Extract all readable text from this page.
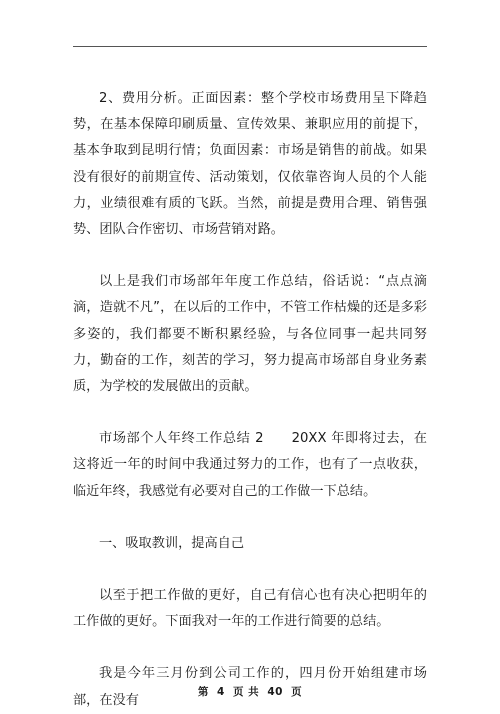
2、费用分析。正面因素：整个学校市场费用呈下降趋势，在基本保障印刷质量、宣传效果、兼职应用的前提下，基本争取到昆明行情；负面因素：市场是销售的前战。如果没有很好的前期宣传、活动策划，仅依靠咨询人员的个人能力，业绩很难有质的飞跃。当然，前提是费用合理、销售强势、团队合作密切、市场营销对路。

以上是我们市场部年年度工作总结，俗话说：“点点滴滴，造就不凡”，在以后的工作中，不管工作枯燥的还是多彩多姿的，我们都要不断积累经验，与各位同事一起共同努力，勤奋的工作，刻苦的学习，努力提高市场部自身业务素质，为学校的发展做出的贡献。

市场部个人年终工作总结 2　　20XX 年即将过去，在这将近一年的时间中我通过努力的工作，也有了一点收获，临近年终，我感觉有必要对自己的工作做一下总结。

一、吸取教训，提高自己

以至于把工作做的更好，自己有信心也有决心把明年的工作做的更好。下面我对一年的工作进行简要的总结。

我是今年三月份到公司工作的，四月份开始组建市场部，在没有

第 4 页 共 40 页
